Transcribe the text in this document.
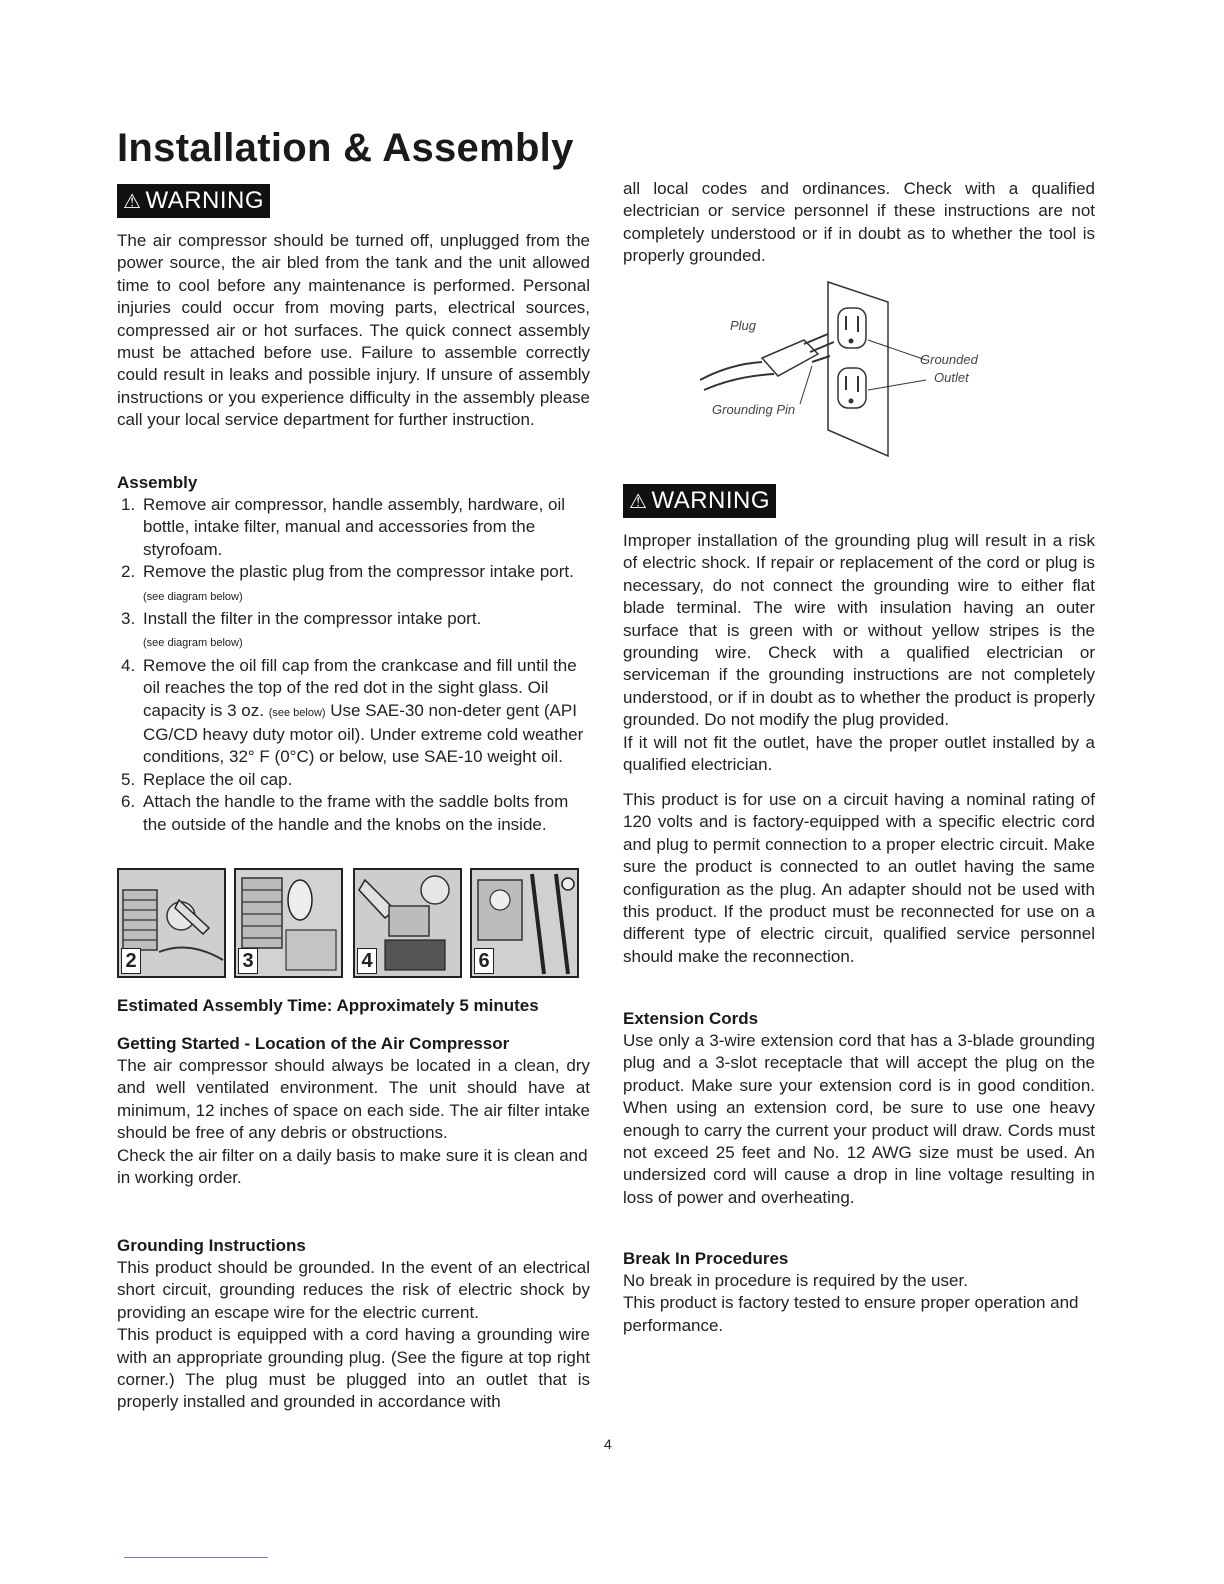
Installation & Assembly
⚠ WARNING

The air compressor should be turned off, unplugged from the power source, the air bled from the tank and the unit allowed time to cool before any maintenance is performed. Personal injuries could occur from moving parts, electrical sources, compressed air or hot surfaces. The quick connect assembly must be attached before use. Failure to assemble correctly could result in leaks and possible injury. If unsure of assembly instructions or you experience difficulty in the assembly please call your local service department for further instruction.

Assembly
1. Remove air compressor, handle assembly, hardware, oil bottle, intake filter, manual and accessories from the styrofoam.
2. Remove the plastic plug from the compressor intake port. (see diagram below)
3. Install the filter in the compressor intake port.
(see diagram below)
4. Remove the oil fill cap from the crankcase and fill until the oil reaches the top of the red dot in the sight glass. Oil capacity is 3 oz. (see below) Use SAE-30 non-deter gent (API CG/CD heavy duty motor oil). Under extreme cold weather conditions, 32° F (0°C) or below, use SAE-10 weight oil.
5. Replace the oil cap.
6. Attach the handle to the frame with the saddle bolts from the outside of the handle and the knobs on the inside.
2	3	4	6

Estimated Assembly Time: Approximately 5 minutes

Getting Started - Location of the Air Compressor

The air compressor should always be located in a clean, dry and well ventilated environment. The unit should have at minimum, 12 inches of space on each side. The air filter intake should be free of any debris or obstructions.

Check the air filter on a daily basis to make sure it is clean and in working order.

Grounding Instructions

This product should be grounded. In the event of an electrical short circuit, grounding reduces the risk of electric shock by providing an escape wire for the electric current.

This product is equipped with a cord having a grounding wire with an appropriate grounding plug. (See the figure at top right corner.) The plug must be plugged into an outlet that is properly installed and grounded in accordance with

all local codes and ordinances. Check with a qualified electrician or service personnel if these instructions are not completely understood or if in doubt as to whether the tool is properly grounded.

Plug
Grounded
Outlet
Grounding Pin
⚠ WARNING

Improper installation of the grounding plug will result in a risk of electric shock. If repair or replacement of the cord or plug is necessary, do not connect the grounding wire to either flat blade terminal. The wire with insulation having an outer surface that is green with or without yellow stripes is the grounding wire. Check with a qualified electrician or serviceman if the grounding instructions are not completely understood, or if in doubt as to whether the product is properly grounded. Do not modify the plug provided.

If it will not fit the outlet, have the proper outlet installed by a qualified electrician.

This product is for use on a circuit having a nominal rating of 120 volts and is factory-equipped with a specific electric cord and plug to permit connection to a proper electric circuit. Make sure the product is connected to an outlet having the same configuration as the plug. An adapter should not be used with this product. If the product must be reconnected for use on a different type of electric circuit, qualified service personnel should make the reconnection.

Extension Cords

Use only a 3-wire extension cord that has a 3-blade grounding plug and a 3-slot receptacle that will accept the plug on the product. Make sure your extension cord is in good condition. When using an extension cord, be sure to use one heavy enough to carry the current your product will draw. Cords must not exceed 25 feet and No. 12 AWG size must be used. An undersized cord will cause a drop in line voltage resulting in loss of power and overheating.

Break In Procedures

No break in procedure is required by the user.

This product is factory tested to ensure proper operation and performance.

4
